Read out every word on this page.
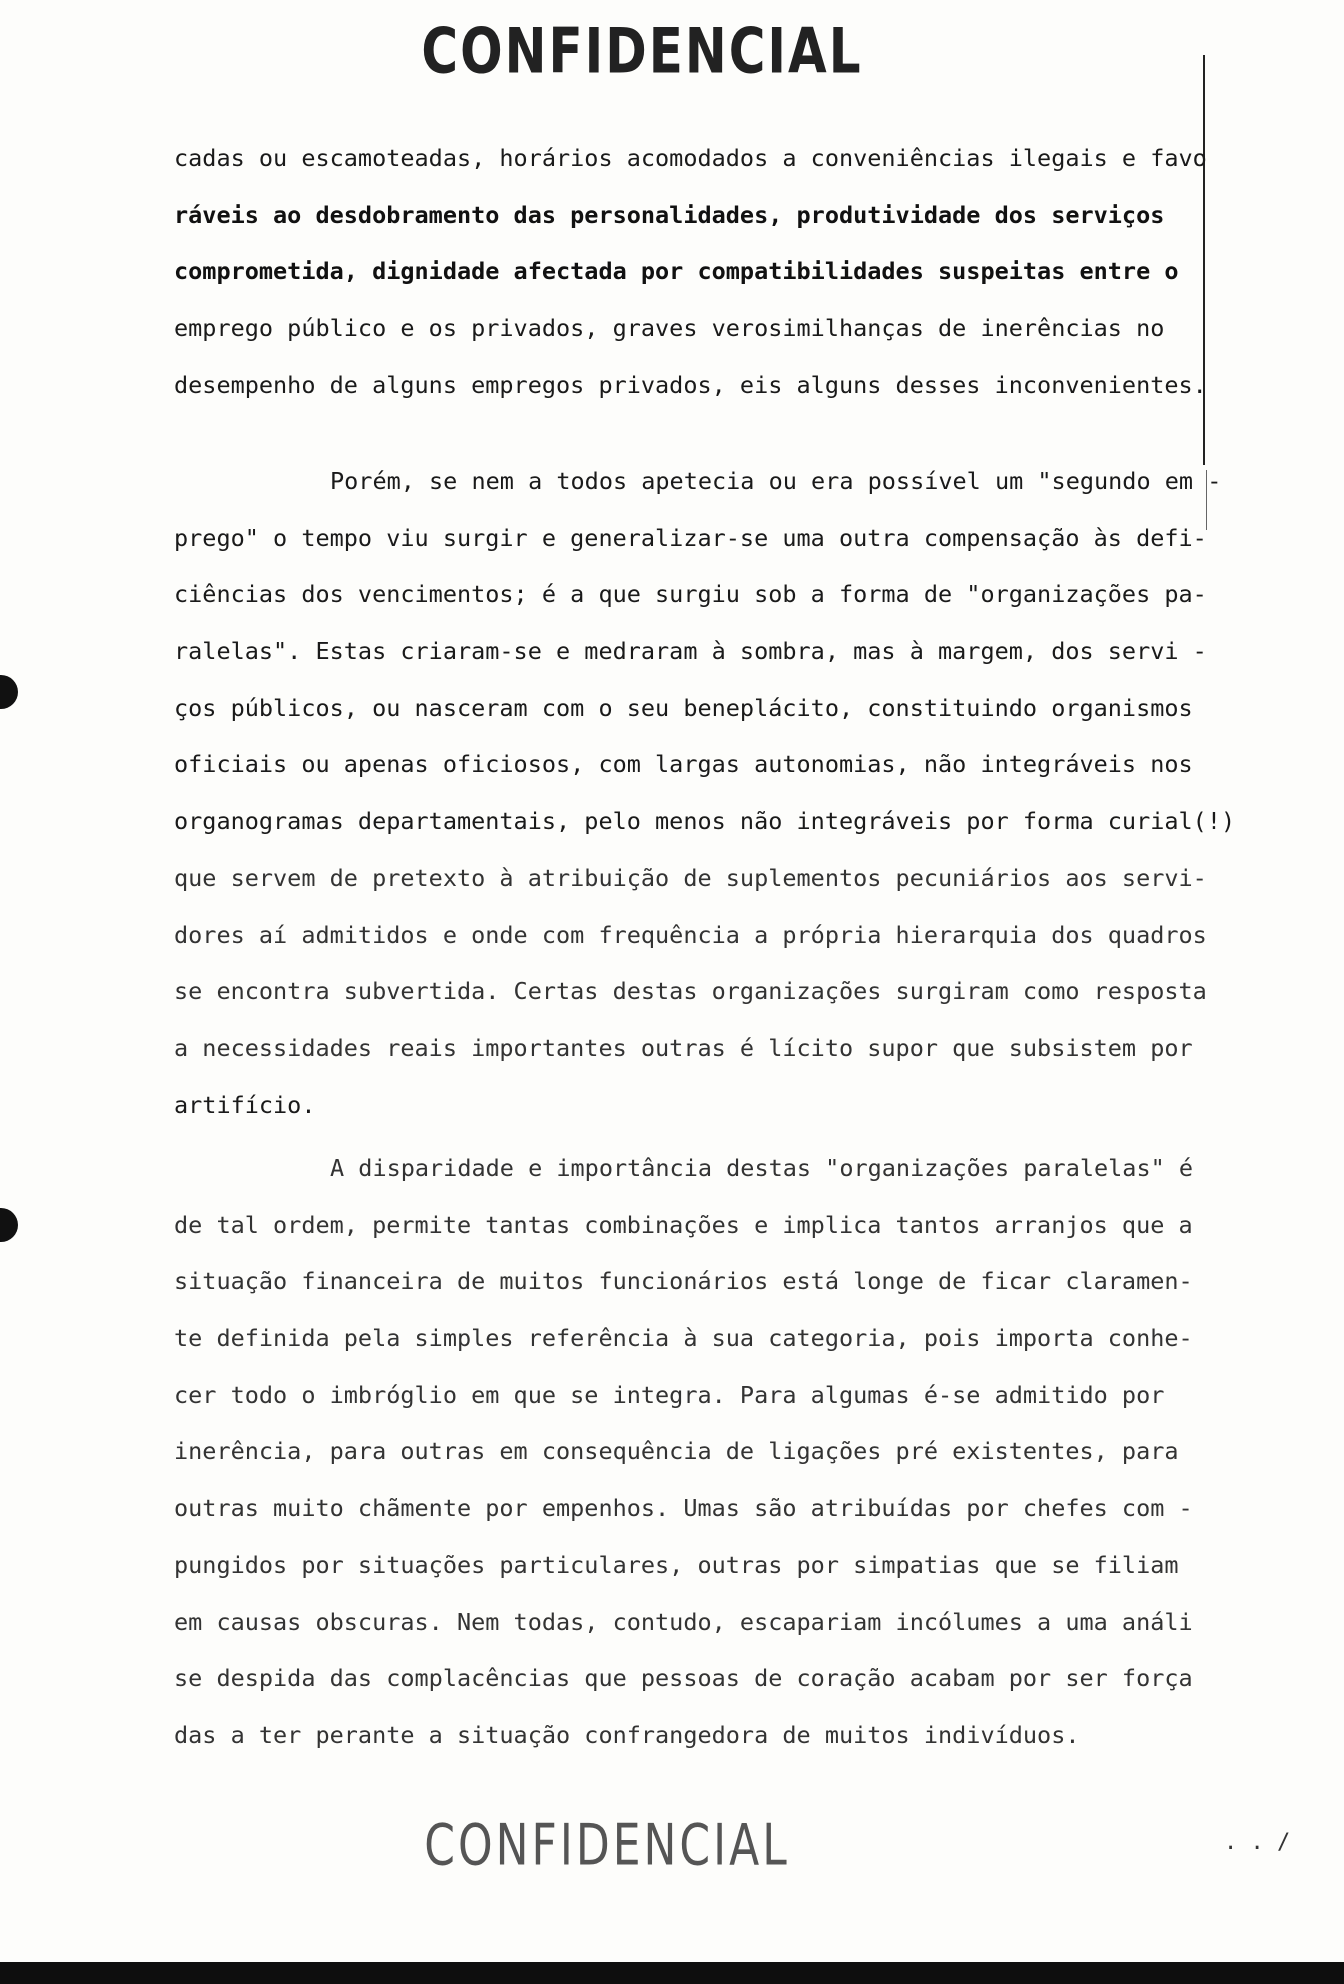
CONFIDENCIAL
cadas ou escamoteadas, horários acomodados a conveniências ilegais e favo
ráveis ao desdobramento das personalidades, produtividade dos serviços
comprometida, dignidade afectada por compatibilidades suspeitas entre o
emprego público e os privados, graves verosimilhanças de inerências no
desempenho de alguns empregos privados, eis alguns desses inconvenientes.
Porém, se nem a todos apetecia ou era possível um "segundo em -
prego" o tempo viu surgir e generalizar-se uma outra compensação às defi-
ciências dos vencimentos; é a que surgiu sob a forma de "organizações pa-
ralelas". Estas criaram-se e medraram à sombra, mas à margem, dos servi -
ços públicos, ou nasceram com o seu beneplácito, constituindo organismos
oficiais ou apenas oficiosos, com largas autonomias, não integráveis nos
organogramas departamentais, pelo menos não integráveis por forma curial(!)
que servem de pretexto à atribuição de suplementos pecuniários aos servi-
dores aí admitidos e onde com frequência a própria hierarquia dos quadros
se encontra subvertida. Certas destas organizações surgiram como resposta
a necessidades reais importantes outras é lícito supor que subsistem por
artifício.
A disparidade e importância destas "organizações paralelas" é
de tal ordem, permite tantas combinações e implica tantos arranjos que a
situação financeira de muitos funcionários está longe de ficar claramen-
te definida pela simples referência à sua categoria, pois importa conhe-
cer todo o imbróglio em que se integra. Para algumas é-se admitido por
inerência, para outras em consequência de ligações pré existentes, para
outras muito chãmente por empenhos. Umas são atribuídas por chefes com -
pungidos por situações particulares, outras por simpatias que se filiam
em causas obscuras. Nem todas, contudo, escapariam incólumes a uma análi
se despida das complacências que pessoas de coração acabam por ser força
das a ter perante a situação confrangedora de muitos indivíduos.
CONFIDENCIAL	. . /
